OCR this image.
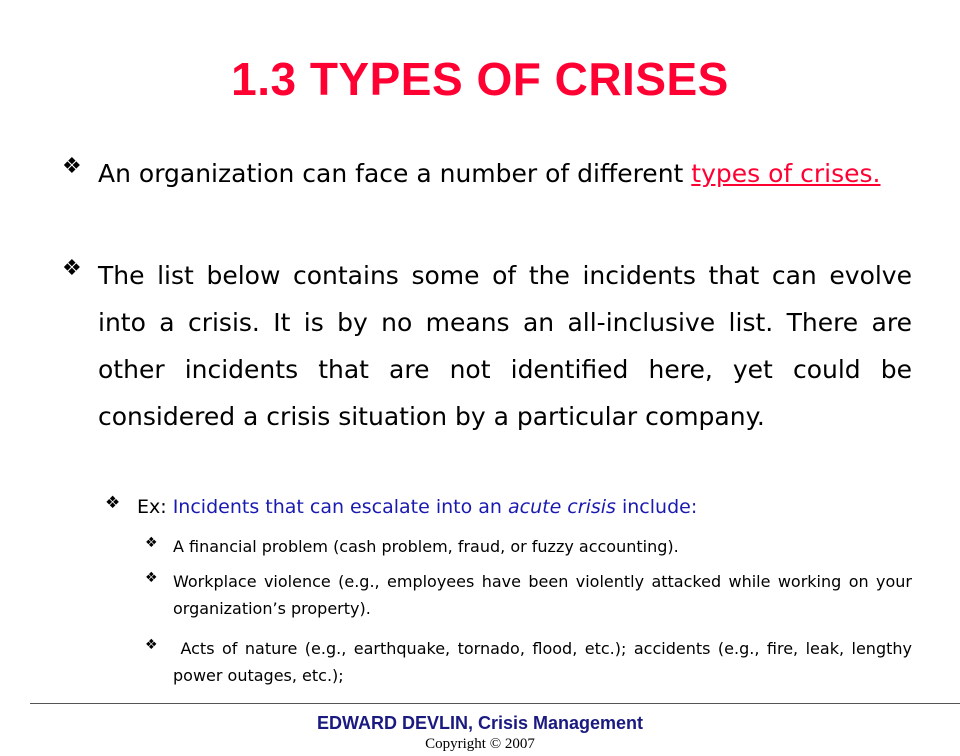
1.3 TYPES OF CRISES
❖ An organization can face a number of different types of crises.
❖ The list below contains some of the incidents that can evolve into a crisis. It is by no means an all-inclusive list. There are other incidents that are not identified here, yet could be considered a crisis situation by a particular company.
❖ Ex: Incidents that can escalate into an acute crisis include:
❖ A financial problem (cash problem, fraud, or fuzzy accounting).
❖ Workplace violence (e.g., employees have been violently attacked while working on your organization’s property).
❖ Acts of nature (e.g., earthquake, tornado, flood, etc.); accidents (e.g., fire, leak, lengthy power outages, etc.);
EDWARD DEVLIN, Crisis Management
Copyright © 2007
